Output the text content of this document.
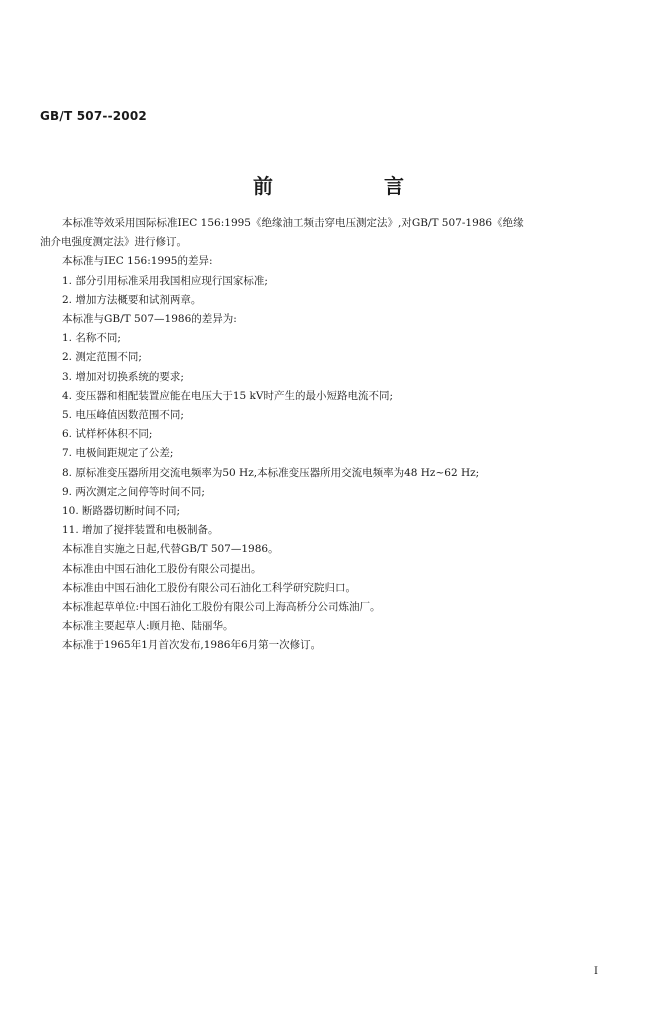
GB/T 507--2002
前 言

本标准等效采用国际标准IEC 156:1995《绝缘油工频击穿电压测定法》,对GB/T 507-1986《绝缘

油介电强度测定法》进行修订。

本标准与IEC 156:1995的差异:

1. 部分引用标准采用我国相应现行国家标准;

2. 增加方法概要和试剂两章。

本标准与GB/T 507—1986的差异为:

1. 名称不同;

2. 测定范围不同;

3. 增加对切换系统的要求;

4. 变压器和相配装置应能在电压大于15 kV时产生的最小短路电流不同;

5. 电压峰值因数范围不同;

6. 试样杯体积不同;

7. 电极间距规定了公差;

8. 原标准变压器所用交流电频率为50 Hz,本标准变压器所用交流电频率为48 Hz~62 Hz;

9. 两次测定之间停等时间不同;

10. 断路器切断时间不同;

11. 增加了搅拌装置和电极制备。

本标准自实施之日起,代替GB/T 507—1986。

本标准由中国石油化工股份有限公司提出。

本标准由中国石油化工股份有限公司石油化工科学研究院归口。

本标准起草单位:中国石油化工股份有限公司上海高桥分公司炼油厂。

本标准主要起草人:顾月艳、陆丽华。

本标准于1965年1月首次发布,1986年6月第一次修订。

I
